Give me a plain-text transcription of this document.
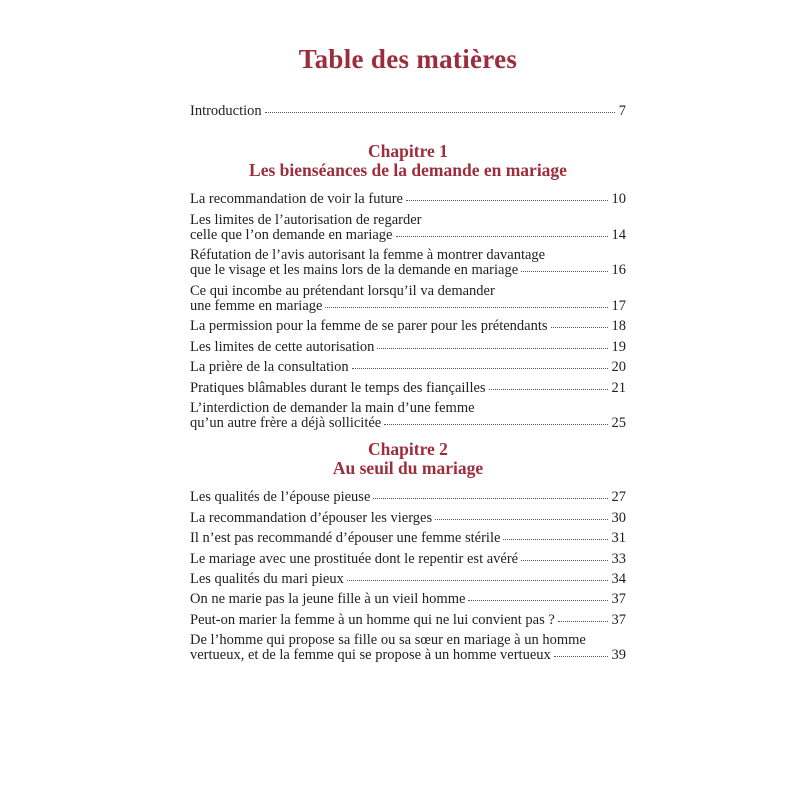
Table des matières
Introduction	7
Chapitre 1
Les bienséances de la demande en mariage
La recommandation de voir la future	10
Les limites de l’autorisation de regarder
celle que l’on demande en mariage	14
Réfutation de l’avis autorisant la femme à montrer davantage
que le visage et les mains lors de la demande en mariage	16
Ce qui incombe au prétendant lorsqu’il va demander
une femme en mariage	17
La permission pour la femme de se parer pour les prétendants	18
Les limites de cette autorisation	19
La prière de la consultation	20
Pratiques blâmables durant le temps des fiançailles	21
L’interdiction de demander la main d’une femme
qu’un autre frère a déjà sollicitée	25
Chapitre 2
Au seuil du mariage
Les qualités de l’épouse pieuse	27
La recommandation d’épouser les vierges	30
Il n’est pas recommandé d’épouser une femme stérile	31
Le mariage avec une prostituée dont le repentir est avéré	33
Les qualités du mari pieux	34
On ne marie pas la jeune fille à un vieil homme	37
Peut-on marier la femme à un homme qui ne lui convient pas ?	37
De l’homme qui propose sa fille ou sa sœur en mariage à un homme
vertueux, et de la femme qui se propose à un homme vertueux	39
